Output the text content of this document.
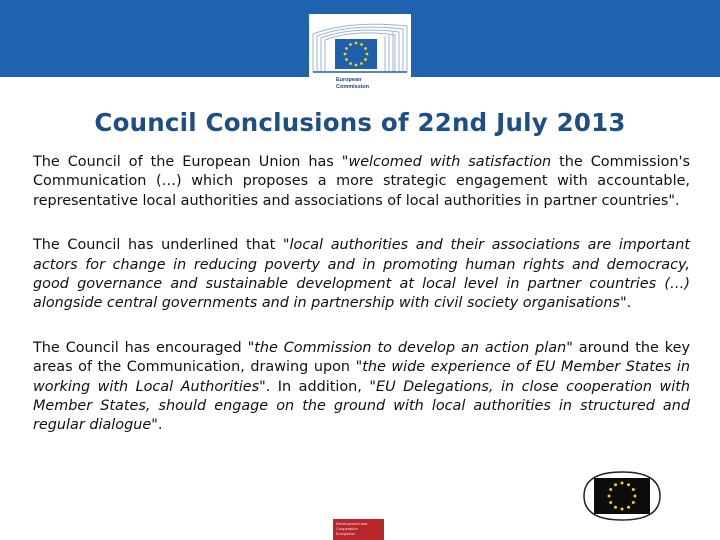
European
Commission
Council Conclusions of 22nd July 2013

The Council of the European Union has "welcomed with satisfaction the Commission's Communication (…) which proposes a more strategic engagement with accountable, representative local authorities and associations of local authorities in partner countries".

The Council has underlined that "local authorities and their associations are important actors for change in reducing poverty and in promoting human rights and democracy, good governance and sustainable development at local level in partner countries (…) alongside central governments and in partnership with civil society organisations".

The Council has encouraged "the Commission to develop an action plan" around the key areas of the Communication, drawing upon "the wide experience of EU Member States in working with Local Authorities". In addition, "EU Delegations, in close cooperation with Member States, should engage on the ground with local authorities in structured and regular dialogue".

Development and
Cooperation
EuropeAid
